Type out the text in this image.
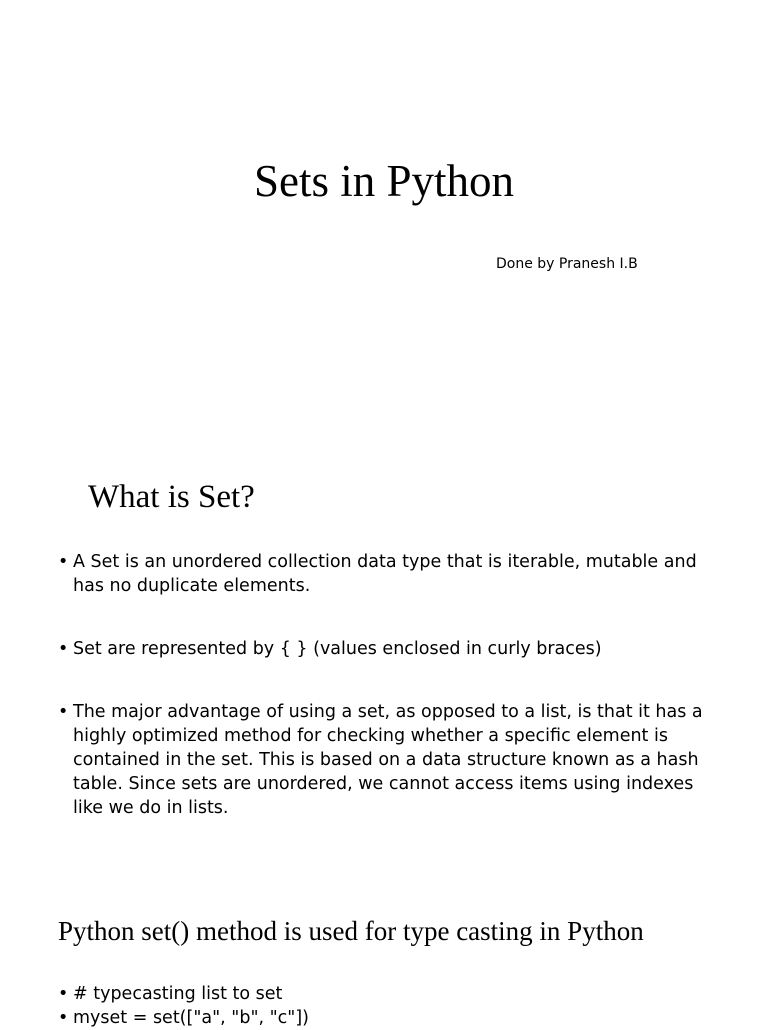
Sets in Python

Done by Pranesh I.B

What is Set?
• A Set is an unordered collection data type that is iterable, mutable and has no duplicate elements.
• Set are represented by { } (values enclosed in curly braces)
• The major advantage of using a set, as opposed to a list, is that it has a highly optimized method for checking whether a specific element is contained in the set. This is based on a data structure known as a hash table. Since sets are unordered, we cannot access items using indexes like we do in lists.
Python set() method is used for type casting in Python
• # typecasting list to set
• myset = set(["a", "b", "c"])
